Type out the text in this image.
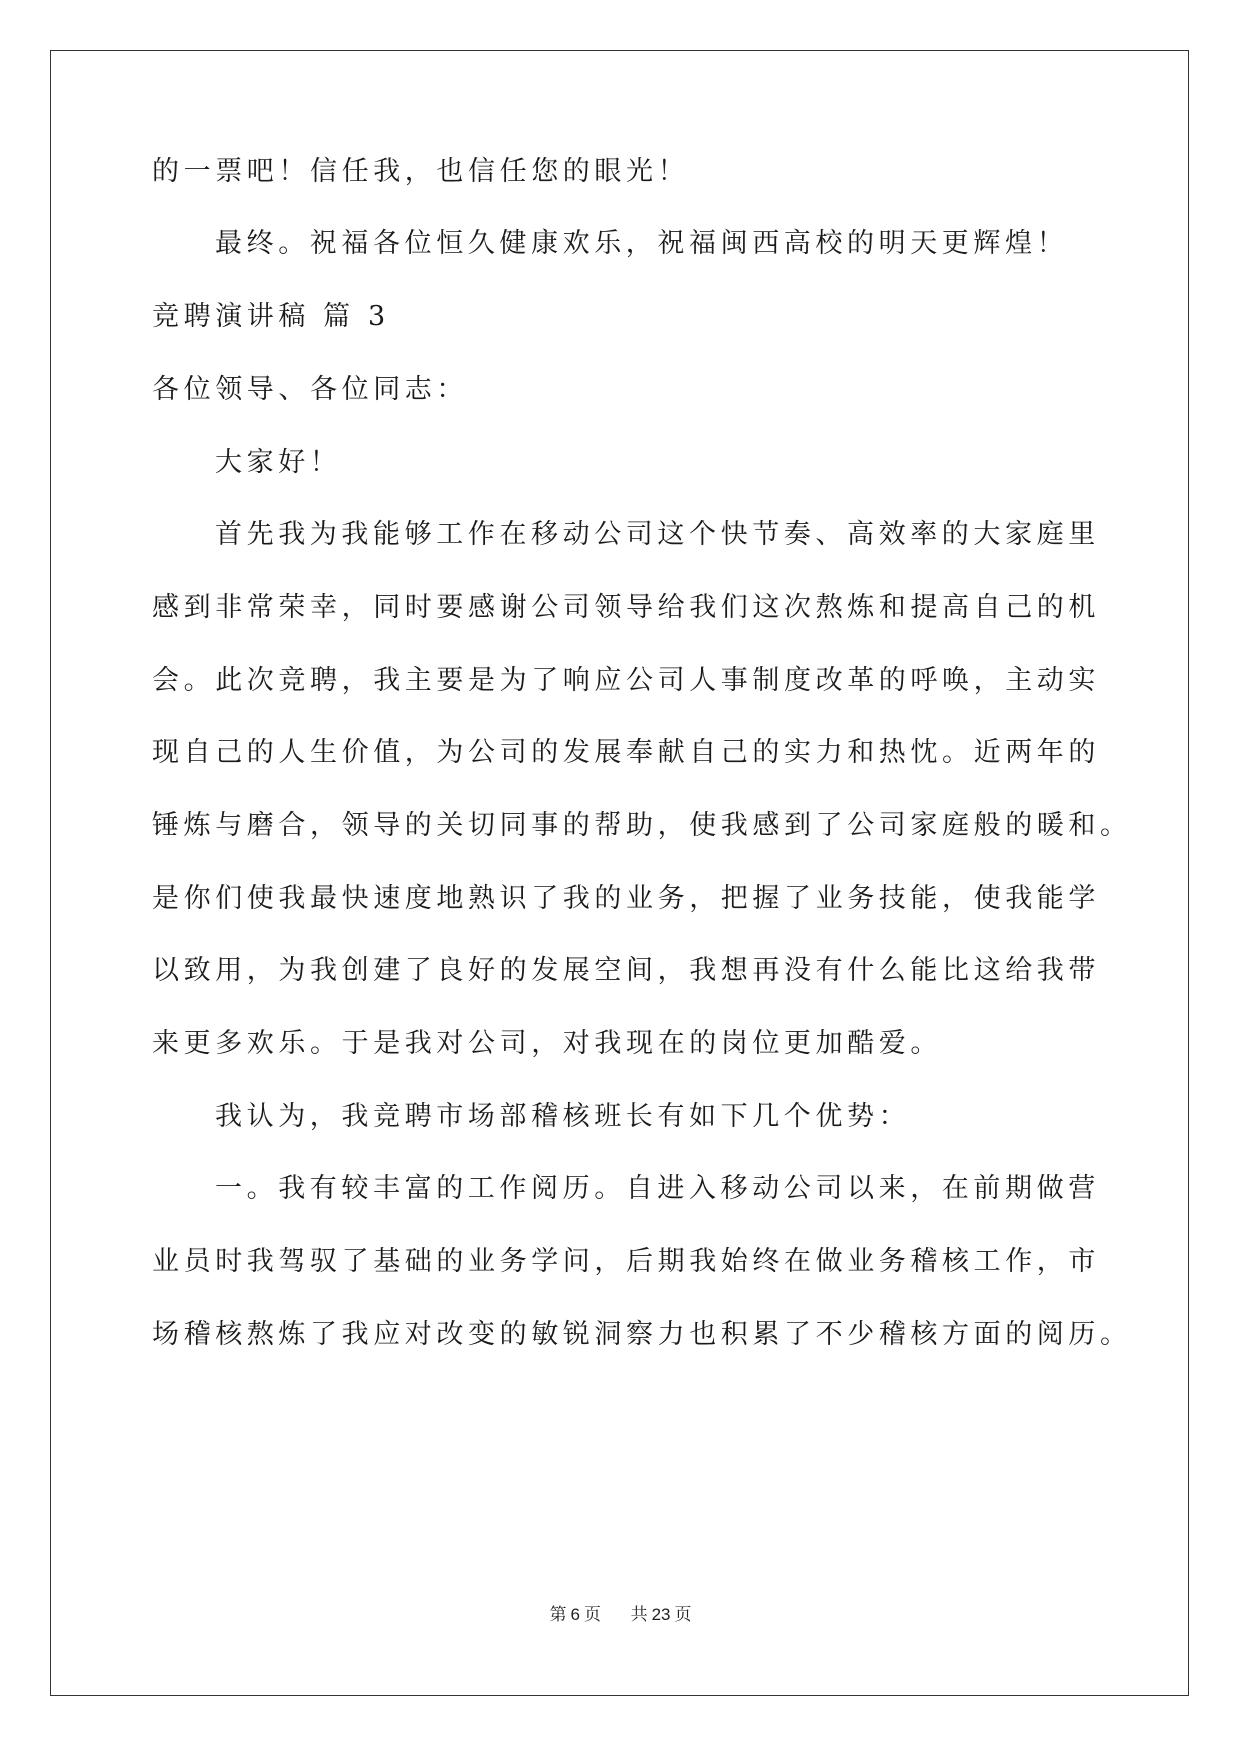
的一票吧！信任我，也信任您的眼光！
最终。祝福各位恒久健康欢乐，祝福闽西高校的明天更辉煌！
竞聘演讲稿 篇 3
各位领导、各位同志：
大家好！
首先我为我能够工作在移动公司这个快节奏、高效率的大家庭里
感到非常荣幸，同时要感谢公司领导给我们这次熬炼和提高自己的机
会。此次竞聘，我主要是为了响应公司人事制度改革的呼唤，主动实
现自己的人生价值，为公司的发展奉献自己的实力和热忱。近两年的
锤炼与磨合，领导的关切同事的帮助，使我感到了公司家庭般的暖和。
是你们使我最快速度地熟识了我的业务，把握了业务技能，使我能学
以致用，为我创建了良好的发展空间，我想再没有什么能比这给我带
来更多欢乐。于是我对公司，对我现在的岗位更加酷爱。
我认为，我竞聘市场部稽核班长有如下几个优势：
一。我有较丰富的工作阅历。自进入移动公司以来，在前期做营
业员时我驾驭了基础的业务学问，后期我始终在做业务稽核工作，市
场稽核熬炼了我应对改变的敏锐洞察力也积累了不少稽核方面的阅历。
第 6 页 共 23 页
